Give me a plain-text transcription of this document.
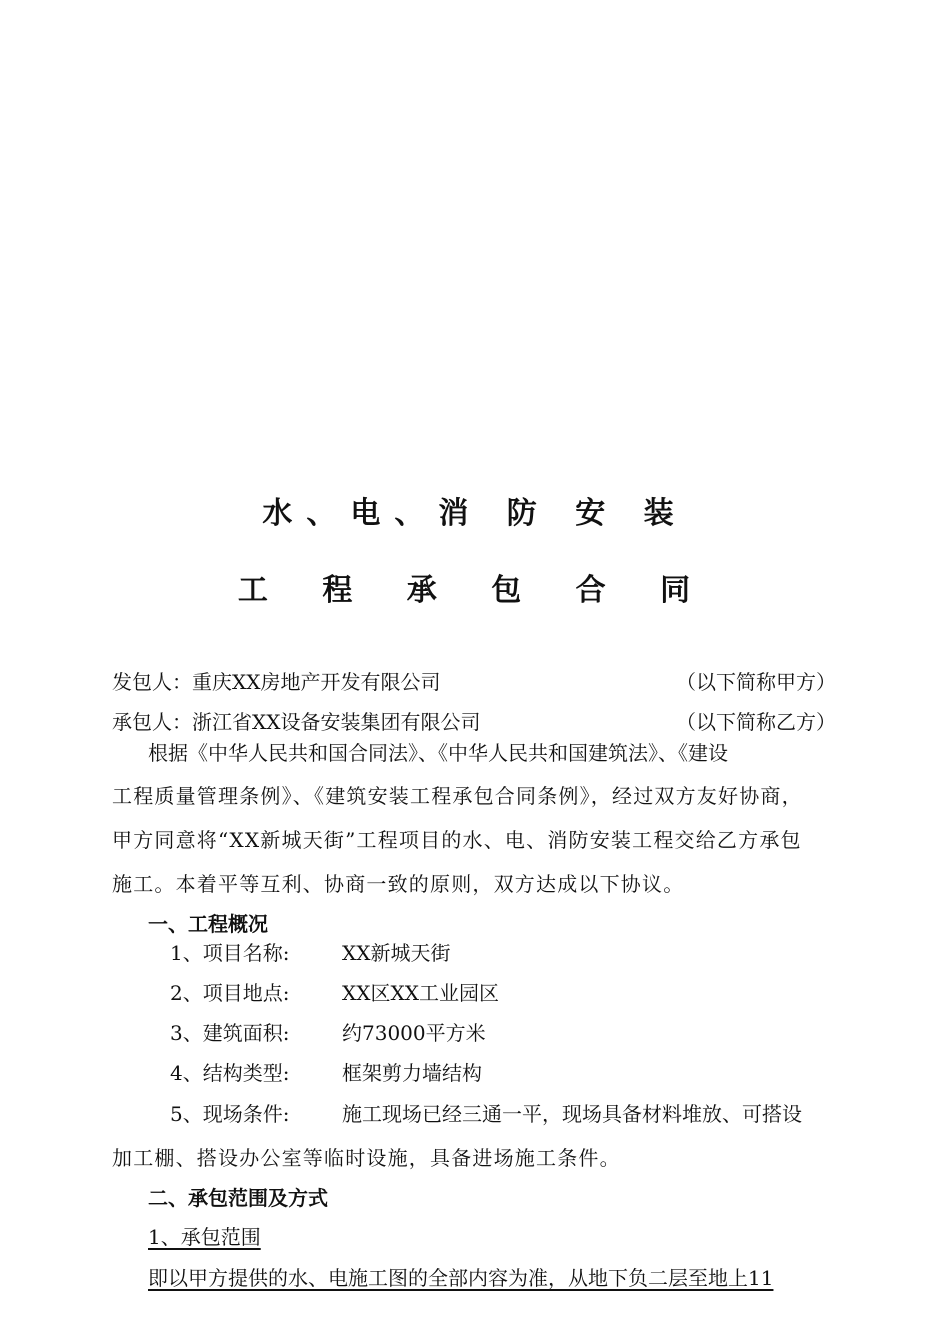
水、电、消 防 安 装
工 程 承 包 合 同
发包人：重庆XX房地产开发有限公司	（以下简称甲方）
承包人：浙江省XX设备安装集团有限公司	（以下简称乙方）
根据《中华人民共和国合同法》、《中华人民共和国建筑法》、《建设
工程质量管理条例》、《建筑安装工程承包合同条例》，经过双方友好协商，
甲方同意将“XX新城天街”工程项目的水、电、消防安装工程交给乙方承包
施工。本着平等互利、协商一致的原则，双方达成以下协议。
一、工程概况
1、项目名称:	XX新城天街
2、项目地点:	XX区XX工业园区
3、建筑面积:	约73000平方米
4、结构类型:	框架剪力墙结构
5、现场条件:	施工现场已经三通一平，现场具备材料堆放、可搭设
加工棚、搭设办公室等临时设施，具备进场施工条件。
二、承包范围及方式
1、承包范围
即以甲方提供的水、电施工图的全部内容为准，从地下负二层至地上11
